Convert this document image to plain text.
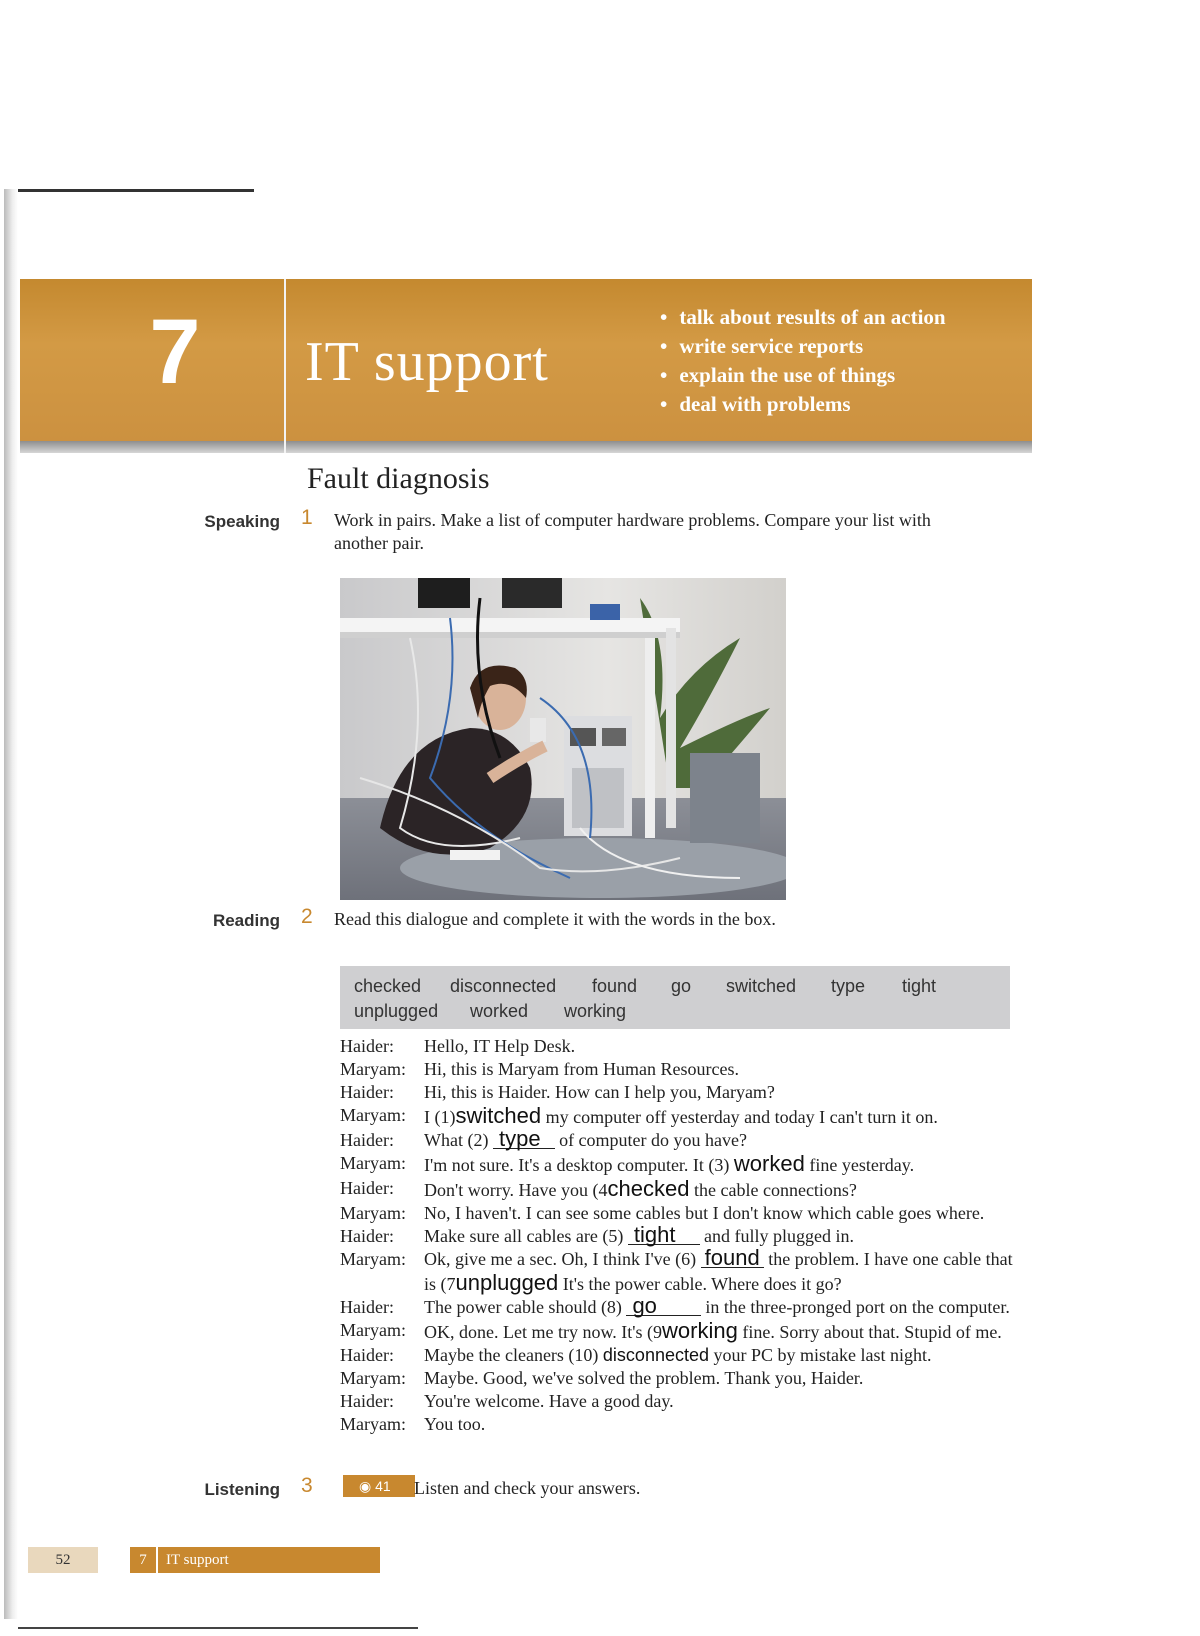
7	IT support
• talk about results of an action
• write service reports
• explain the use of things
• deal with problems
Fault diagnosis
Speaking 1 Work in pairs. Make a list of computer hardware problems. Compare your list with another pair.
Reading 2 Read this dialogue and complete it with the words in the box.
checked disconnected found go switched type tight
unplugged worked working
Haider:	Hello, IT Help Desk.
Maryam:	Hi, this is Maryam from Human Resources.
Haider:	Hi, this is Haider. How can I help you, Maryam?
Maryam:	I (1)switched my computer off yesterday and today I can't turn it on.
Haider:	What (2) type of computer do you have?
Maryam:	I'm not sure. It's a desktop computer. It (3) worked fine yesterday.
Haider:	Don't worry. Have you (4checked the cable connections?
Maryam:	No, I haven't. I can see some cables but I don't know which cable goes where.
Haider:	Make sure all cables are (5) tight and fully plugged in.
Maryam:	Ok, give me a sec. Oh, I think I've (6) found the problem. I have one cable that is (7unplugged It's the power cable. Where does it go?
Haider:	The power cable should (8) go in the three-pronged port on the computer.
Maryam:	OK, done. Let me try now. It's (9working fine. Sorry about that. Stupid of me.
Haider:	Maybe the cleaners (10) disconnected your PC by mistake last night.
Maryam:	Maybe. Good, we've solved the problem. Thank you, Haider.
Haider:	You're welcome. Have a good day.
Maryam:	You too.
Listening 3	◉ 41	Listen and check your answers.
52	7 IT support
